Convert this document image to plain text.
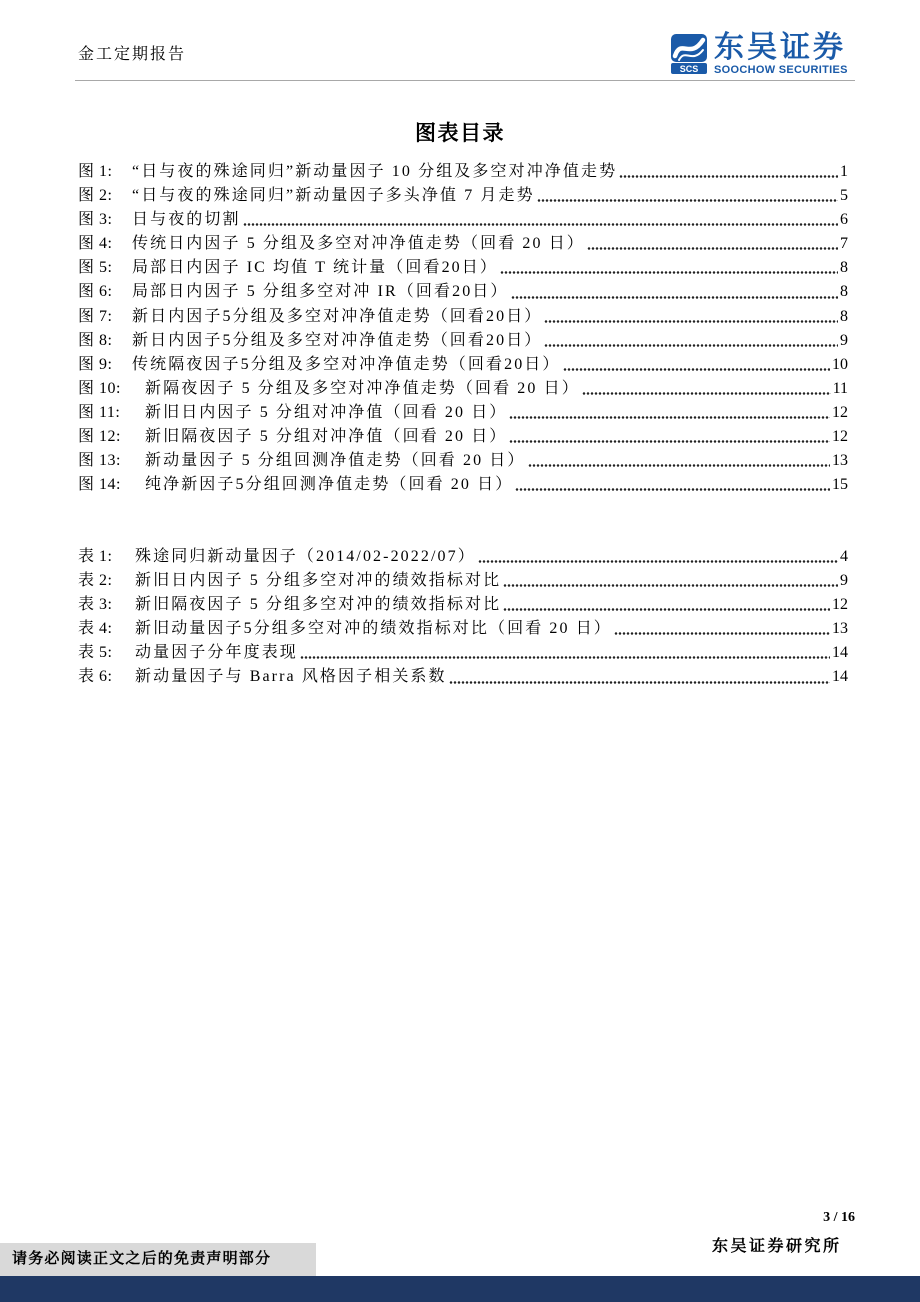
金工定期报告
SCS
东吴证券
SOOCHOW SECURITIES
图表目录
图 1:	“日与夜的殊途同归”新动量因子 10 分组及多空对冲净值走势	1
图 2:	“日与夜的殊途同归”新动量因子多头净值 7 月走势	5
图 3:	日与夜的切割	6
图 4:	传统日内因子 5 分组及多空对冲净值走势（回看 20 日）	7
图 5:	局部日内因子 IC 均值 T 统计量（回看20日）	8
图 6:	局部日内因子 5 分组多空对冲 IR（回看20日）	8
图 7:	新日内因子5分组及多空对冲净值走势（回看20日）	8
图 8:	新日内因子5分组及多空对冲净值走势（回看20日）	9
图 9:	传统隔夜因子5分组及多空对冲净值走势（回看20日）	10
图 10:	新隔夜因子 5 分组及多空对冲净值走势（回看 20 日）	11
图 11:	新旧日内因子 5 分组对冲净值（回看 20 日）	12
图 12:	新旧隔夜因子 5 分组对冲净值（回看 20 日）	12
图 13:	新动量因子 5 分组回测净值走势（回看 20 日）	13
图 14:	纯净新因子5分组回测净值走势（回看 20 日）	15
表 1:	殊途同归新动量因子（2014/02-2022/07）	4
表 2:	新旧日内因子 5 分组多空对冲的绩效指标对比	9
表 3:	新旧隔夜因子 5 分组多空对冲的绩效指标对比	12
表 4:	新旧动量因子5分组多空对冲的绩效指标对比（回看 20 日）	13
表 5:	动量因子分年度表现	14
表 6:	新动量因子与 Barra 风格因子相关系数	14
3 / 16
东吴证券研究所
请务必阅读正文之后的免责声明部分
